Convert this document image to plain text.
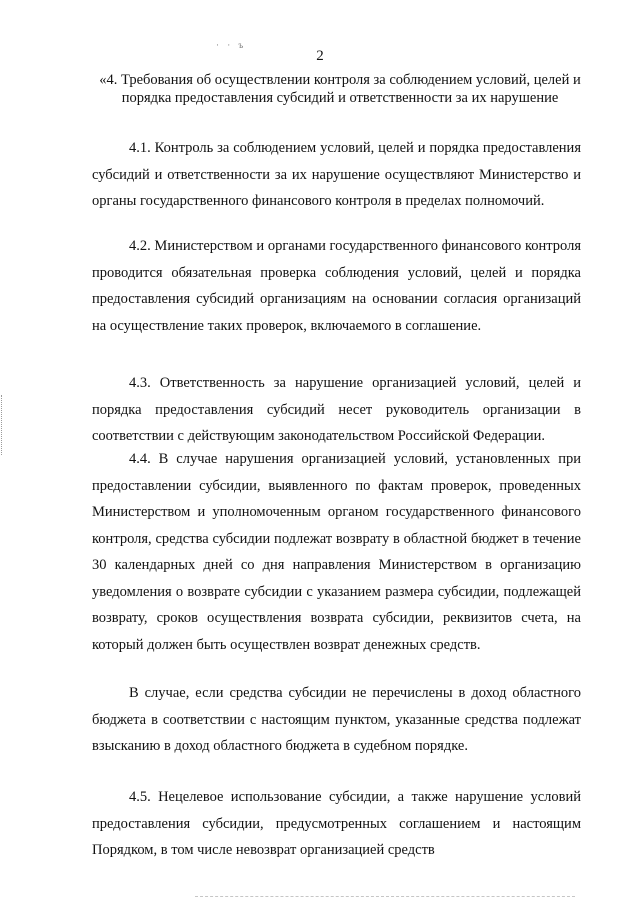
· · ъ
2
«4. Требования об осуществлении контроля за соблюдением условий, целей и порядка предоставления субсидий и ответственности за их нарушение

4.1. Контроль за соблюдением условий, целей и порядка предоставления субсидий и ответственности за их нарушение осуществляют Министерство и органы государственного финансового контроля в пределах полномочий.

4.2. Министерством и органами государственного финансового контроля проводится обязательная проверка соблюдения условий, целей и порядка предоставления субсидий организациям на основании согласия организаций на осуществление таких проверок, включаемого в соглашение.

4.3. Ответственность за нарушение организацией условий, целей и порядка предоставления субсидий несет руководитель организации в соответствии с действующим законодательством Российской Федерации.

4.4. В случае нарушения организацией условий, установленных при предоставлении субсидии, выявленного по фактам проверок, проведенных Министерством и уполномоченным органом государственного финансового контроля, средства субсидии подлежат возврату в областной бюджет в течение 30 календарных дней со дня направления Министерством в организацию уведомления о возврате субсидии с указанием размера субсидии, подлежащей возврату, сроков осуществления возврата субсидии, реквизитов счета, на который должен быть осуществлен возврат денежных средств.

В случае, если средства субсидии не перечислены в доход областного бюджета в соответствии с настоящим пунктом, указанные средства подлежат взысканию в доход областного бюджета в судебном порядке.

4.5. Нецелевое использование субсидии, а также нарушение условий предоставления субсидии, предусмотренных соглашением и настоящим Порядком, в том числе невозврат организацией средств
